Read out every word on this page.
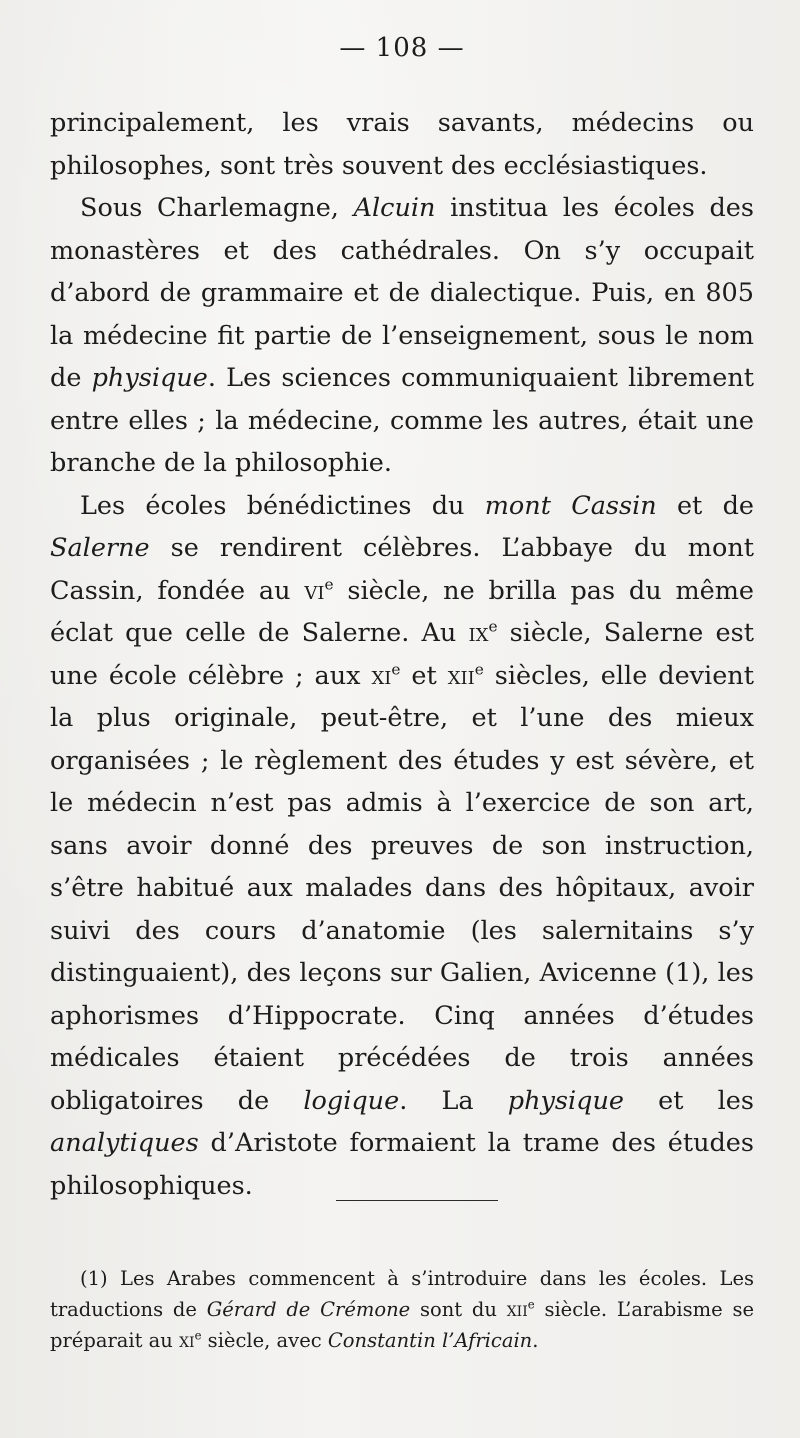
— 108 —

principalement, les vrais savants, médecins ou philosophes, sont très souvent des ecclésiastiques.

Sous Charlemagne, Alcuin institua les écoles des monastères et des cathédrales. On s’y occupait d’abord de grammaire et de dialectique. Puis, en 805 la médecine fit partie de l’enseignement, sous le nom de physique. Les sciences communiquaient librement entre elles ; la médecine, comme les autres, était une branche de la philosophie.

Les écoles bénédictines du mont Cassin et de Salerne se rendirent célèbres. L’abbaye du mont Cassin, fondée au $vi^e$ siècle, ne brilla pas du même éclat que celle de Salerne. Au $ix^e$ siècle, Salerne est une école célèbre ; aux $xi^e$ et xii$^e$ siècles, elle devient la plus originale, peut-être, et l’une des mieux organisées ; le règlement des études y est sévère, et le médecin n’est pas admis à l’exercice de son art, sans avoir donné des preuves de son instruction, s’être habitué aux malades dans des hôpitaux, avoir suivi des cours d’anatomie (les salernitains s’y distinguaient), des leçons sur Galien, Avicenne (1), les aphorismes d’Hippocrate. Cinq années d’études médicales étaient précédées de trois années obligatoires de logique. La physique et les analytiques d’Aristote formaient la trame des études philosophiques.

(1) Les Arabes commencent à s’introduire dans les écoles. Les traductions de Gérard de Crémone sont du xii$^e$ siècle. L’arabisme se préparait au $xi^e$ siècle, avec Constantin l’Africain.
